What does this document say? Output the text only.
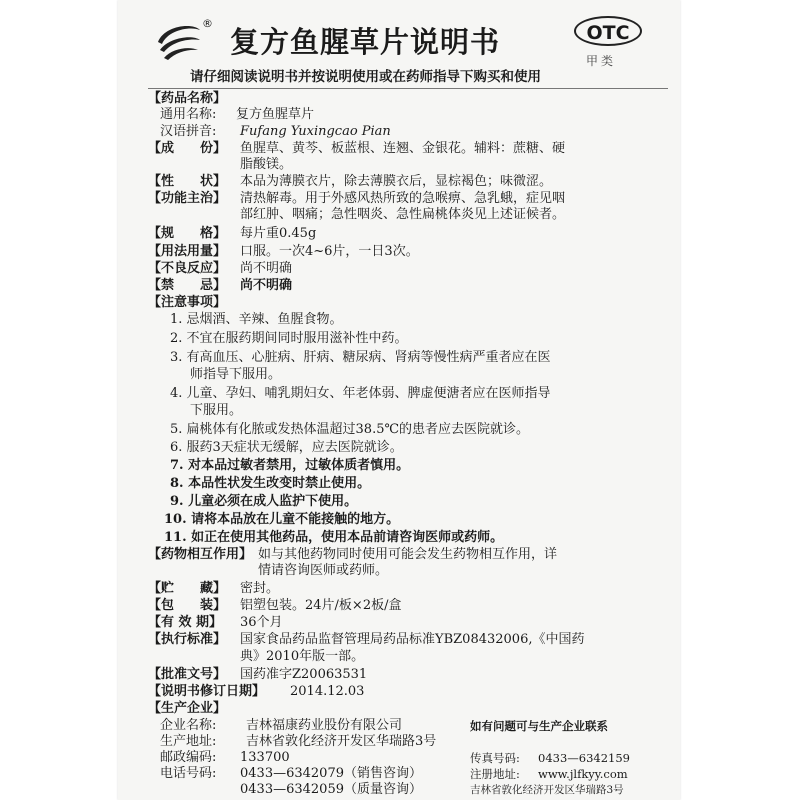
®
复方鱼腥草片说明书	OTC
甲类
请仔细阅读说明书并按说明使用或在药师指导下购买和使用
【药品名称】
通用名称: 复方鱼腥草片
汉语拼音: Fufang Yuxingcao Pian
【成　　份】 鱼腥草、黄芩、板蓝根、连翘、金银花。辅料：蔗糖、硬
脂酸镁。
【性　　状】 本品为薄膜衣片，除去薄膜衣后，显棕褐色；味微涩。
【功能主治】 清热解毒。用于外感风热所致的急喉痹、急乳蛾，症见咽
部红肿、咽痛；急性咽炎、急性扁桃体炎见上述证候者。
【规　　格】 每片重0.45g
【用法用量】 口服。一次4~6片，一日3次。
【不良反应】 尚不明确
【禁　　忌】 尚不明确
【注意事项】
1. 忌烟酒、辛辣、鱼腥食物。
2. 不宜在服药期间同时服用滋补性中药。
3. 有高血压、心脏病、肝病、糖尿病、肾病等慢性病严重者应在医
师指导下服用。
4. 儿童、孕妇、哺乳期妇女、年老体弱、脾虚便溏者应在医师指导
下服用。
5. 扁桃体有化脓或发热体温超过38.5℃的患者应去医院就诊。
6. 服药3天症状无缓解，应去医院就诊。
7. 对本品过敏者禁用，过敏体质者慎用。
8. 本品性状发生改变时禁止使用。
9. 儿童必须在成人监护下使用。
10. 请将本品放在儿童不能接触的地方。
11. 如正在使用其他药品，使用本品前请咨询医师或药师。
【药物相互作用】 如与其他药物同时使用可能会发生药物相互作用，详
情请咨询医师或药师。
【贮　　藏】 密封。
【包　　装】 铝塑包装。24片/板×2板/盒
【有 效 期】 36个月
【执行标准】 国家食品药品监督管理局药品标准YBZ08432006,《中国药
典》2010年版一部。
【批准文号】 国药准字Z20063531
【说明书修订日期】 2014.12.03
【生产企业】
企业名称: 吉林福康药业股份有限公司
生产地址: 吉林省敦化经济开发区华瑞路3号
邮政编码: 133700
电话号码: 0433—6342079（销售咨询）
0433—6342059（质量咨询）
传真号码: 0433—6342159
注册地址:
吉林省敦化经济开发区华瑞路3号
www.jlfkyy.com
如有问题可与生产企业联系
